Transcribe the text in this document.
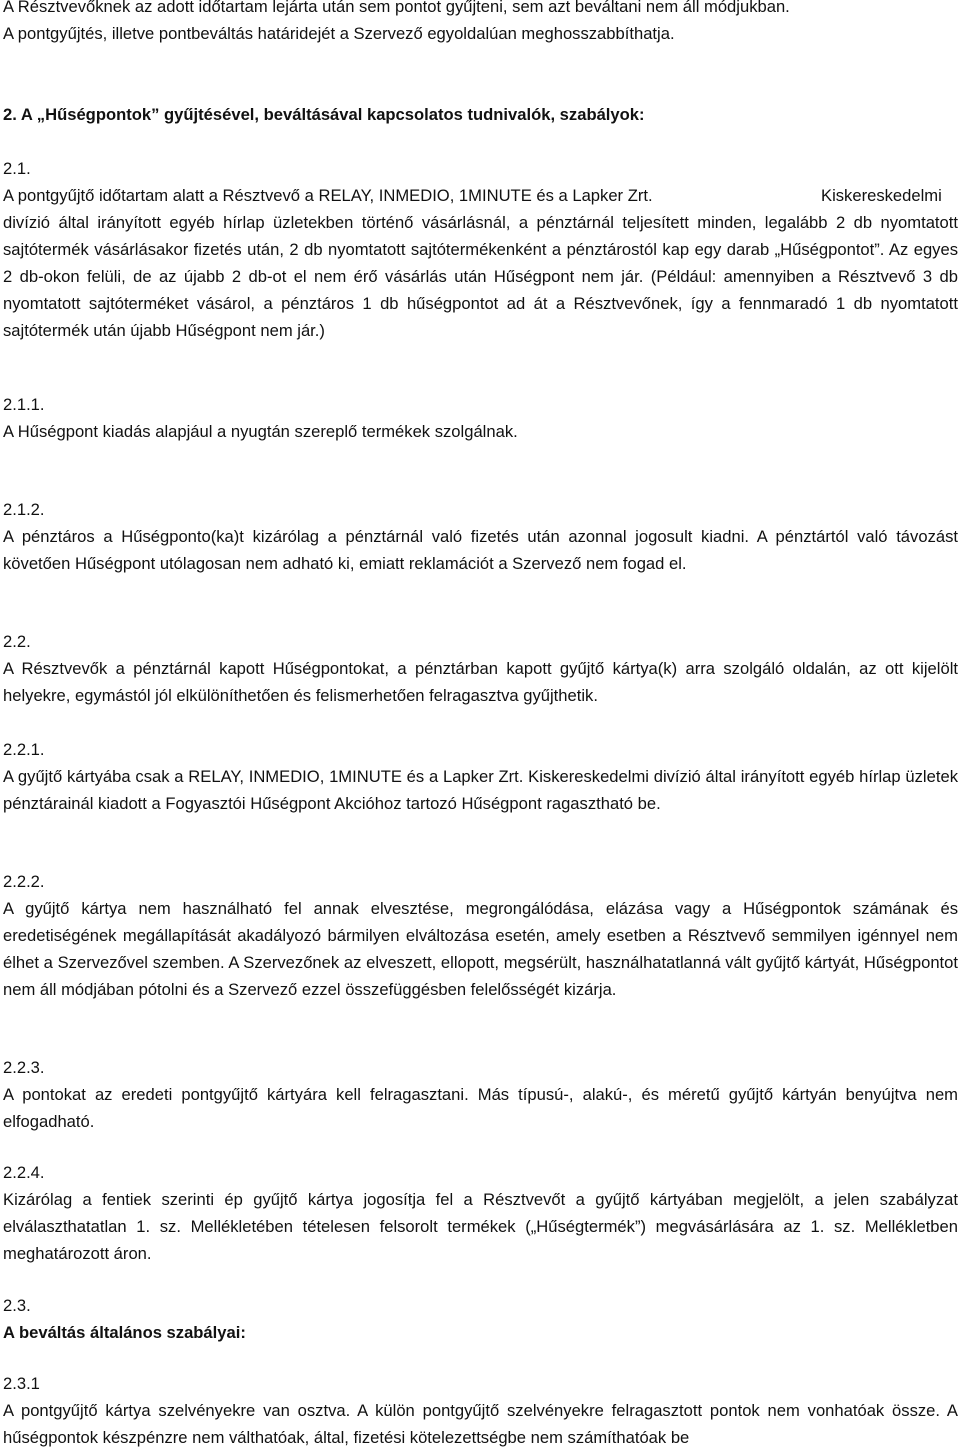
A Résztvevőknek az adott időtartam lejárta után sem pontot gyűjteni, sem azt beváltani nem áll módjukban.

A pontgyűjtés, illetve pontbeváltás határidejét a Szervező egyoldalúan meghosszabbíthatja.

2. A „Hűségpontok” gyűjtésével, beváltásával kapcsolatos tudnivalók, szabályok:

2.1.

A pontgyűjtő időtartam alatt a Résztvevő a RELAY, INMEDIO, 1MINUTE és a Lapker Zrt.	Kiskereskedelmi divízió által irányított egyéb hírlap üzletekben történő vásárlásnál, a pénztárnál teljesített minden, legalább 2 db nyomtatott sajtótermék vásárlásakor fizetés után, 2 db nyomtatott sajtótermékenként a pénztárostól kap egy darab „Hűségpontot”. Az egyes 2 db-okon felüli, de az újabb 2 db-ot el nem érő vásárlás után Hűségpont nem jár. (Például: amennyiben a Résztvevő 3 db nyomtatott sajtóterméket vásárol, a pénztáros 1 db hűségpontot ad át a Résztvevőnek, így a fennmaradó 1 db nyomtatott sajtótermék után újabb Hűségpont nem jár.)

2.1.1.

A Hűségpont kiadás alapjául a nyugtán szereplő termékek szolgálnak.

2.1.2.

A pénztáros a Hűségponto(ka)t kizárólag a pénztárnál való fizetés után azonnal jogosult kiadni. A pénztártól való távozást követően Hűségpont utólagosan nem adható ki, emiatt reklamációt a Szervező nem fogad el.

2.2.

A Résztvevők a pénztárnál kapott Hűségpontokat, a pénztárban kapott gyűjtő kártya(k) arra szolgáló oldalán, az ott kijelölt helyekre, egymástól jól elkülöníthetően és felismerhetően felragasztva gyűjthetik.

2.2.1.

A gyűjtő kártyába csak a RELAY, INMEDIO, 1MINUTE és a Lapker Zrt. Kiskereskedelmi divízió által irányított egyéb hírlap üzletek pénztárainál kiadott a Fogyasztói Hűségpont Akcióhoz tartozó Hűségpont ragasztható be.

2.2.2.

A gyűjtő kártya nem használható fel annak elvesztése, megrongálódása, elázása vagy a Hűségpontok számának és eredetiségének megállapítását akadályozó bármilyen elváltozása esetén, amely esetben a Résztvevő semmilyen igénnyel nem élhet a Szervezővel szemben. A Szervezőnek az elveszett, ellopott, megsérült, használhatatlanná vált gyűjtő kártyát, Hűségpontot nem áll módjában pótolni és a Szervező ezzel összefüggésben felelősségét kizárja.

2.2.3.

A pontokat az eredeti pontgyűjtő kártyára kell felragasztani. Más típusú-, alakú-, és méretű gyűjtő kártyán benyújtva nem elfogadható.

2.2.4.

Kizárólag a fentiek szerinti ép gyűjtő kártya jogosítja fel a Résztvevőt a gyűjtő kártyában megjelölt, a jelen szabályzat elválaszthatatlan 1. sz. Mellékletében tételesen felsorolt termékek („Hűségtermék”) megvásárlására az 1. sz. Mellékletben meghatározott áron.

2.3.

A beváltás általános szabályai:

2.3.1

A pontgyűjtő kártya szelvényekre van osztva. A külön pontgyűjtő szelvényekre felragasztott pontok nem vonhatóak össze. A hűségpontok készpénzre nem válthatóak, által, fizetési kötelezettségbe nem számíthatóak be
